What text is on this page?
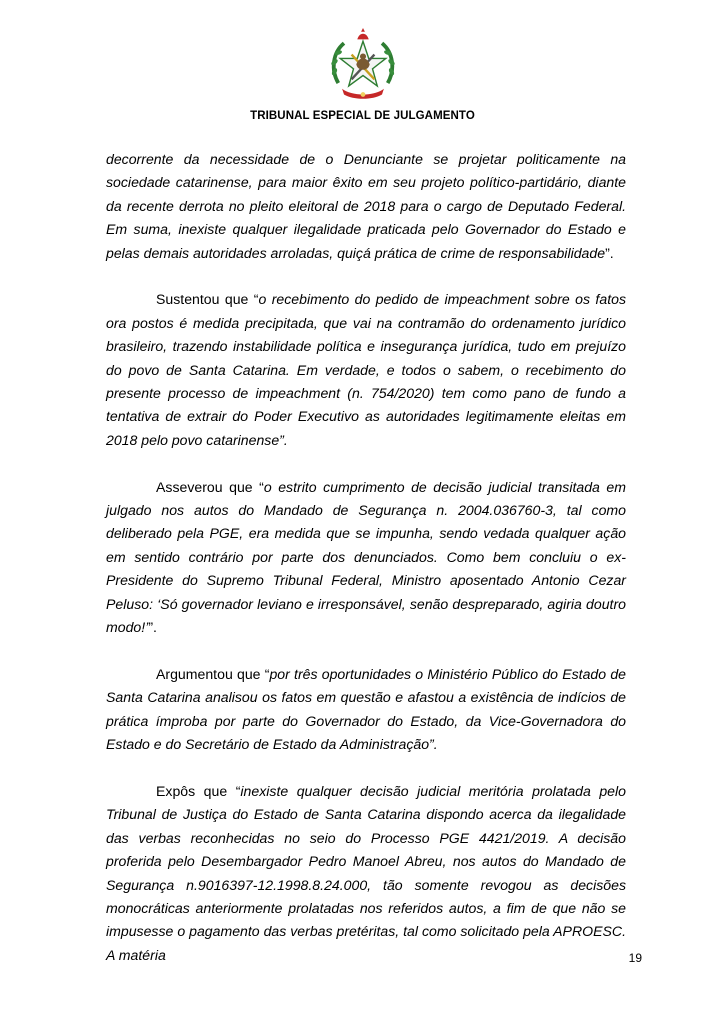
TRIBUNAL ESPECIAL DE JULGAMENTO

decorrente da necessidade de o Denunciante se projetar politicamente na sociedade catarinense, para maior êxito em seu projeto político-partidário, diante da recente derrota no pleito eleitoral de 2018 para o cargo de Deputado Federal. Em suma, inexiste qualquer ilegalidade praticada pelo Governador do Estado e pelas demais autoridades arroladas, quiçá prática de crime de responsabilidade”.

Sustentou que “o recebimento do pedido de impeachment sobre os fatos ora postos é medida precipitada, que vai na contramão do ordenamento jurídico brasileiro, trazendo instabilidade política e insegurança jurídica, tudo em prejuízo do povo de Santa Catarina. Em verdade, e todos o sabem, o recebimento do presente processo de impeachment (n. 754/2020) tem como pano de fundo a tentativa de extrair do Poder Executivo as autoridades legitimamente eleitas em 2018 pelo povo catarinense”.

Asseverou que “o estrito cumprimento de decisão judicial transitada em julgado nos autos do Mandado de Segurança n. 2004.036760-3, tal como deliberado pela PGE, era medida que se impunha, sendo vedada qualquer ação em sentido contrário por parte dos denunciados. Como bem concluiu o ex-Presidente do Supremo Tribunal Federal, Ministro aposentado Antonio Cezar Peluso: ‘Só governador leviano e irresponsável, senão despreparado, agiria doutro modo!’”.

Argumentou que “por três oportunidades o Ministério Público do Estado de Santa Catarina analisou os fatos em questão e afastou a existência de indícios de prática ímproba por parte do Governador do Estado, da Vice-Governadora do Estado e do Secretário de Estado da Administração”.

Expôs que “inexiste qualquer decisão judicial meritória prolatada pelo Tribunal de Justiça do Estado de Santa Catarina dispondo acerca da ilegalidade das verbas reconhecidas no seio do Processo PGE 4421/2019. A decisão proferida pelo Desembargador Pedro Manoel Abreu, nos autos do Mandado de Segurança n.9016397-12.1998.8.24.000, tão somente revogou as decisões monocráticas anteriormente prolatadas nos referidos autos, a fim de que não se impusesse o pagamento das verbas pretéritas, tal como solicitado pela APROESC. A matéria	19
